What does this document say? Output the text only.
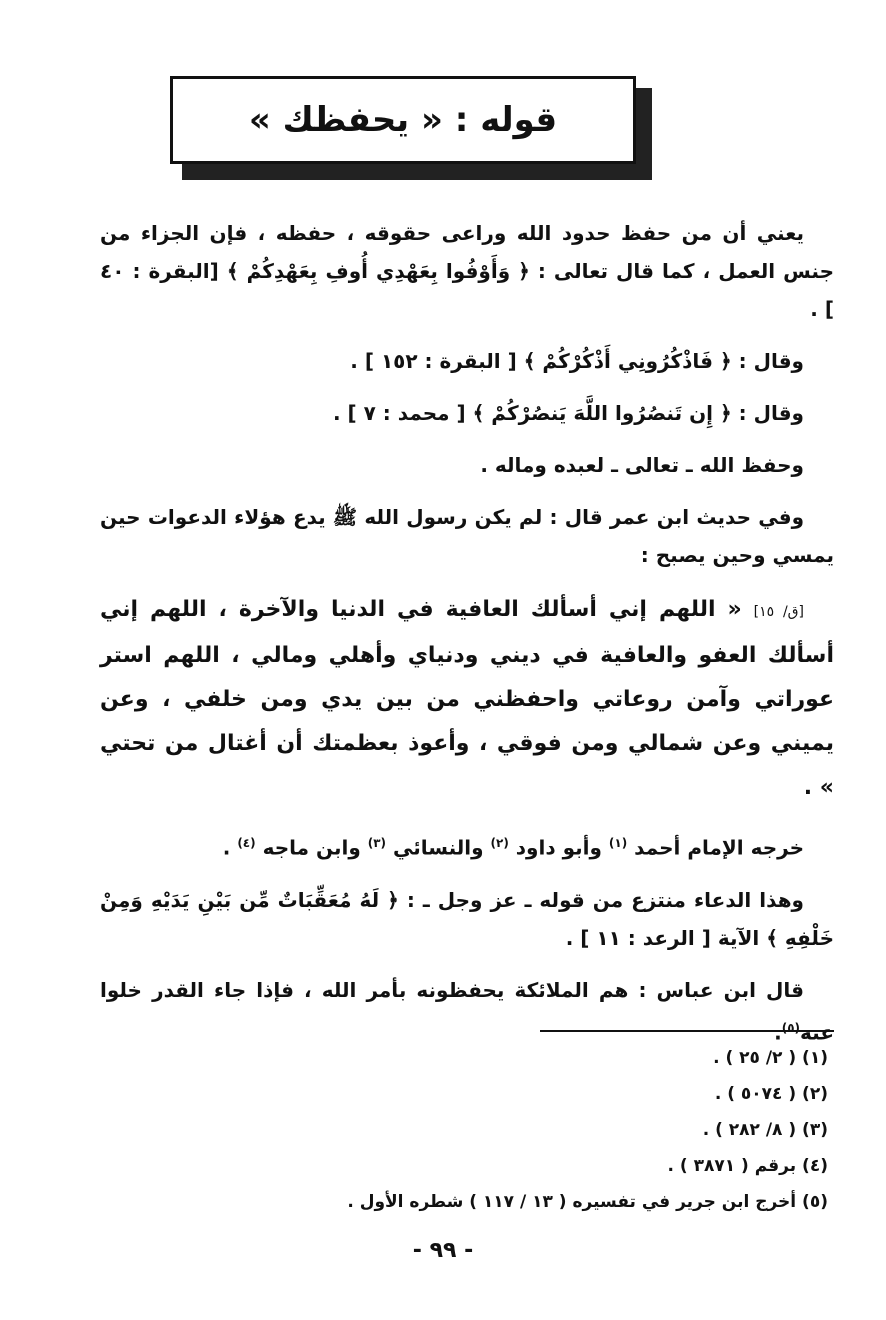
قوله : « يحفظك »

يعني أن من حفظ حدود الله وراعى حقوقه ، حفظه ، فإن الجزاء من جنس العمل ، كما قال تعالى : ﴿ وَأَوْفُوا بِعَهْدِي أُوفِ بِعَهْدِكُمْ ﴾ [البقرة : ٤٠ ] .

وقال : ﴿ فَاذْكُرُونِي أَذْكُرْكُمْ ﴾ [ البقرة : ١٥٢ ] .

وقال : ﴿ إِن تَنصُرُوا اللَّهَ يَنصُرْكُمْ ﴾ [ محمد : ٧ ] .

وحفظ الله ـ تعالى ـ لعبده وماله .

وفي حديث ابن عمر قال : لم يكن رسول الله ﷺ يدع هؤلاء الدعوات حين يمسي وحين يصبح :

[ق/ ١٥] « اللهم إني أسألك العافية في الدنيا والآخرة ، اللهم إني أسألك العفو والعافية في ديني ودنياي وأهلي ومالي ، اللهم استر عوراتي وآمن روعاتي واحفظني من بين يدي ومن خلفي ، وعن يميني وعن شمالي ومن فوقي ، وأعوذ بعظمتك أن أغتال من تحتي » .

خرجه الإمام أحمد $^{(١)}$ وأبو داود $^{(٢)}$ والنسائي $^{(٣)}$ وابن ماجه $^{(٤)}$ .

وهذا الدعاء منتزع من قوله ـ عز وجل ـ : ﴿ لَهُ مُعَقِّبَاتٌ مِّن بَيْنِ يَدَيْهِ وَمِنْ خَلْفِهِ ﴾ الآية [ الرعد : ١١ ] .

قال ابن عباس : هم الملائكة يحفظونه بأمر الله ، فإذا جاء القدر خلوا عنه$^{(٥)}$.

(١) ( ٢/ ٢٥ ) .
(٢) ( ٥٠٧٤ ) .
(٣) ( ٨/ ٢٨٢ ) .
(٤) برقم ( ٣٨٧١ ) .
(٥) أخرج ابن جرير في تفسيره ( ١٣ / ١١٧ ) شطره الأول .
- ٩٩ -
